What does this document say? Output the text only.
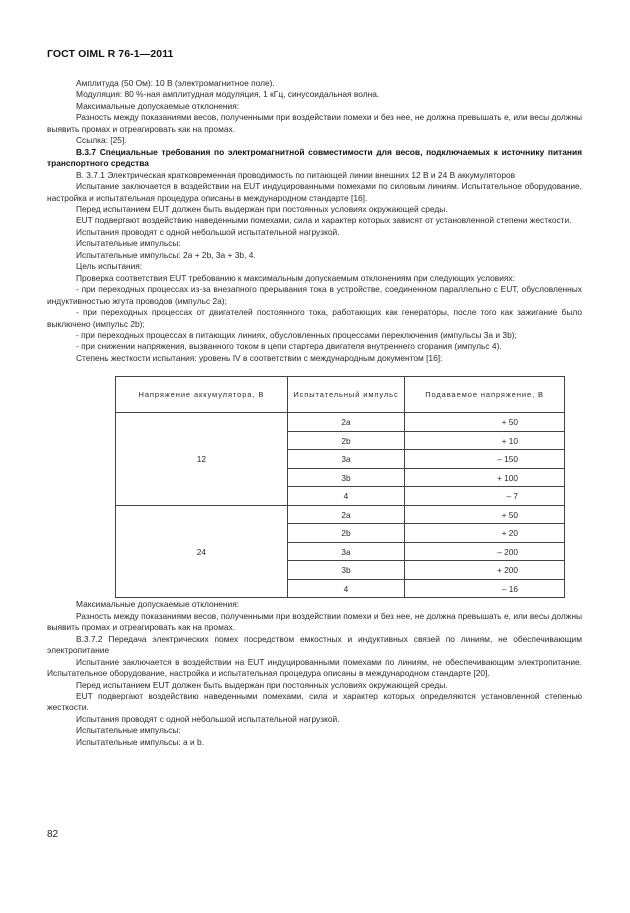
ГОСТ OIML R 76-1—2011

Амплитуда (50 Ом): 10 В (электромагнитное поле).

Модуляция: 80 %-ная амплитудная модуляция, 1 кГц, синусоидальная волна.

Максимальные допускаемые отклонения:

Разность между показаниями весов, полученными при воздействии помехи и без нее, не должна превышать е, или весы должны выявить промах и отреагировать как на промах.

Ссылка: [25].

В.3.7 Специальные требования по электромагнитной совместимости для весов, подключаемых к источнику питания транспортного средства

В. 3.7.1 Электрическая кратковременная проводимость по питающей линии внешних 12 В и 24 В аккумуляторов

Испытание заключается в воздействии на EUT индуцированными помехами по силовым линиям. Испытательное оборудование, настройка и испытательная процедура описаны в международном стандарте [16].

Перед испытанием EUT должен быть выдержан при постоянных условиях окружающей среды.

EUT подвергают воздействию наведенными помехами, сила и характер которых зависят от установленной степени жесткости.

Испытания проводят с одной небольшой испытательной нагрузкой.

Испытательные импульсы:

Испытательные импульсы: 2a + 2b, 3a + 3b, 4.

Цель испытания:

Проверка соответствия EUT требованию к максимальным допускаемым отклонениям при следующих условиях:

- при переходных процессах из-за внезапного прерывания тока в устройстве, соединенном параллельно с EUT, обусловленных индуктивностью жгута проводов (импульс 2a);

- при переходных процессах от двигателей постоянного тока, работающих как генераторы, после того как зажигание было выключено (импульс 2b);

- при переходных процессах в питающих линиях, обусловленных процессами переключения (импульсы 3a и 3b);

- при снижении напряжения, вызванного током в цепи стартера двигателя внутреннего сгорания (импульс 4).

Степень жесткости испытания: уровень IV в соответствии с международным документом [16]:

Напряжение аккумулятора, В	Испытательный импульс	Подаваемое напряжение, В
12	2a	+ 50
	2b	+ 10
	3a	– 150
	3b	+ 100
	4	– 7
24	2a	+ 50
	2b	+ 20
	3a	– 200
	3b	+ 200
	4	– 16

Максимальные допускаемые отклонения:

Разность между показаниями весов, полученными при воздействии помехи и без нее, не должна превышать е, или весы должны выявить промах и отреагировать как на промах.

В.3.7.2 Передача электрических помех посредством емкостных и индуктивных связей по линиям, не обеспечивающим электропитание

Испытание заключается в воздействии на EUT индуцированными помехами по линиям, не обеспечивающим электропитание. Испытательное оборудование, настройка и испытательная процедура описаны в международном стандарте [20].

Перед испытанием EUT должен быть выдержан при постоянных условиях окружающей среды.

EUT подвергают воздействию наведенными помехами, сила и характер которых определяются установленной степенью жесткости.

Испытания проводят с одной небольшой испытательной нагрузкой.

Испытательные импульсы:

Испытательные импульсы: a и b.

82
